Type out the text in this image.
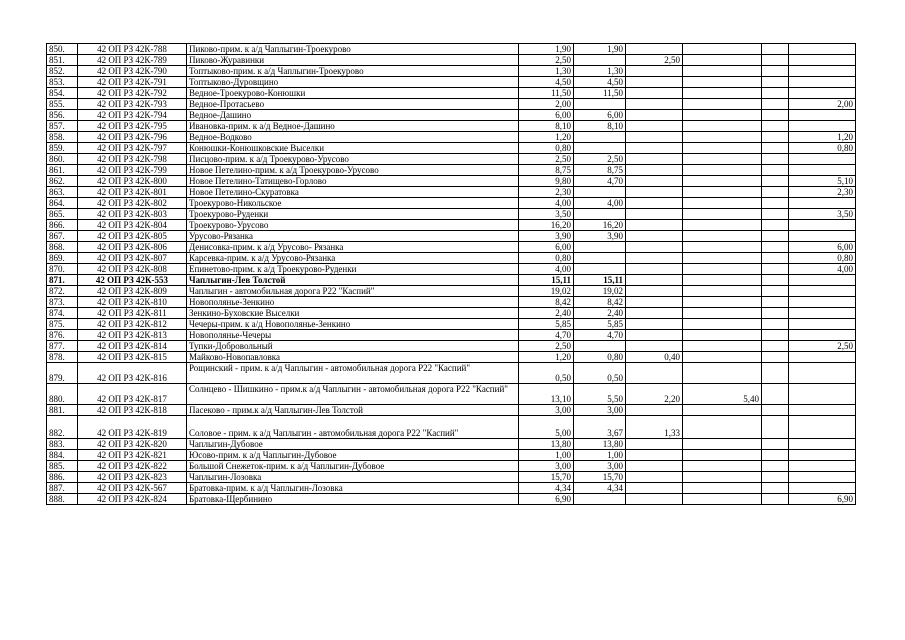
850.	42 ОП РЗ 42К-788	Пиково-прим. к а/д Чаплыгин-Троекурово	1,90	1,90				
851.	42 ОП РЗ 42К-789	Пиково-Журавинки	2,50		2,50			
852.	42 ОП РЗ 42К-790	Топтыково-прим. к а/д Чаплыгин-Троекурово	1,30	1,30				
853.	42 ОП РЗ 42К-791	Топтыково-Дуровщино	4,50	4,50				
854.	42 ОП РЗ 42К-792	Ведное-Троекурово-Конюшки	11,50	11,50				
855.	42 ОП РЗ 42К-793	Ведное-Протасьево	2,00					2,00
856.	42 ОП РЗ 42К-794	Ведное-Дашино	6,00	6,00				
857.	42 ОП РЗ 42К-795	Ивановка-прим. к а/д Ведное-Дашино	8,10	8,10				
858.	42 ОП РЗ 42К-796	Ведное-Водково	1,20					1,20
859.	42 ОП РЗ 42К-797	Конюшки-Конюшковские Выселки	0,80					0,80
860.	42 ОП РЗ 42К-798	Писцово-прим. к а/д Троекурово-Урусово	2,50	2,50				
861.	42 ОП РЗ 42К-799	Новое Петелино-прим. к а/д Троекурово-Урусово	8,75	8,75				
862.	42 ОП РЗ 42К-800	Новое Петелино-Татищево-Горлово	9,80	4,70				5,10
863.	42 ОП РЗ 42К-801	Новое Петелино-Скуратовка	2,30					2,30
864.	42 ОП РЗ 42К-802	Троекурово-Никольское	4,00	4,00				
865.	42 ОП РЗ 42К-803	Троекурово-Руденки	3,50					3,50
866.	42 ОП РЗ 42К-804	Троекурово-Урусово	16,20	16,20				
867.	42 ОП РЗ 42К-805	Урусово-Рязанка	3,90	3,90				
868.	42 ОП РЗ 42К-806	Денисовка-прим. к а/д Урусово- Рязанка	6,00					6,00
869.	42 ОП РЗ 42К-807	Карсевка-прим. к а/д Урусово-Рязанка	0,80					0,80
870.	42 ОП РЗ 42К-808	Епинетово-прим. к а/д Троекурово-Руденки	4,00					4,00
871.	42 ОП РЗ 42К-553	Чаплыгин-Лев Толстой	15,11	15,11				
872.	42 ОП РЗ 42К-809	Чаплыгин - автомобильная дорога Р22 "Каспий"	19,02	19,02				
873.	42 ОП РЗ 42К-810	Новополянье-Зенкино	8,42	8,42				
874.	42 ОП РЗ 42К-811	Зенкино-Буховские Выселки	2,40	2,40				
875.	42 ОП РЗ 42К-812	Чечеры-прим. к а/д Новополянье-Зенкино	5,85	5,85				
876.	42 ОП РЗ 42К-813	Новополянье-Чечеры	4,70	4,70				
877.	42 ОП РЗ 42К-814	Тупки-Добровольный	2,50					2,50
878.	42 ОП РЗ 42К-815	Майково-Новопавловка	1,20	0,80	0,40			
879.	42 ОП РЗ 42К-816	Рощинский - прим. к а/д Чаплыгин - автомобильная дорога Р22 "Каспий"	0,50	0,50				
880.	42 ОП РЗ 42К-817	Солнцево - Шишкино - прим.к а/д Чаплыгин - автомобильная дорога Р22 "Каспий"	13,10	5,50	2,20	5,40		
881.	42 ОП РЗ 42К-818	Пасеково - прим.к а/д Чаплыгин-Лев Толстой	3,00	3,00				
882.	42 ОП РЗ 42К-819	Соловое - прим. к а/д Чаплыгин - автомобильная дорога Р22 "Каспий"	5,00	3,67	1,33			
883.	42 ОП РЗ 42К-820	Чаплыгин-Дубовое	13,80	13,80				
884.	42 ОП РЗ 42К-821	Юсово-прим. к а/д Чаплыгин-Дубовое	1,00	1,00				
885.	42 ОП РЗ 42К-822	Большой Снежеток-прим. к а/д Чаплыгин-Дубовое	3,00	3,00				
886.	42 ОП РЗ 42К-823	Чаплыгин-Лозовка	15,70	15,70				
887.	42 ОП РЗ 42К-567	Братовка-прим. к а/д Чаплыгин-Лозовка	4,34	4,34				
888.	42 ОП РЗ 42К-824	Братовка-Щербинино	6,90					6,90
